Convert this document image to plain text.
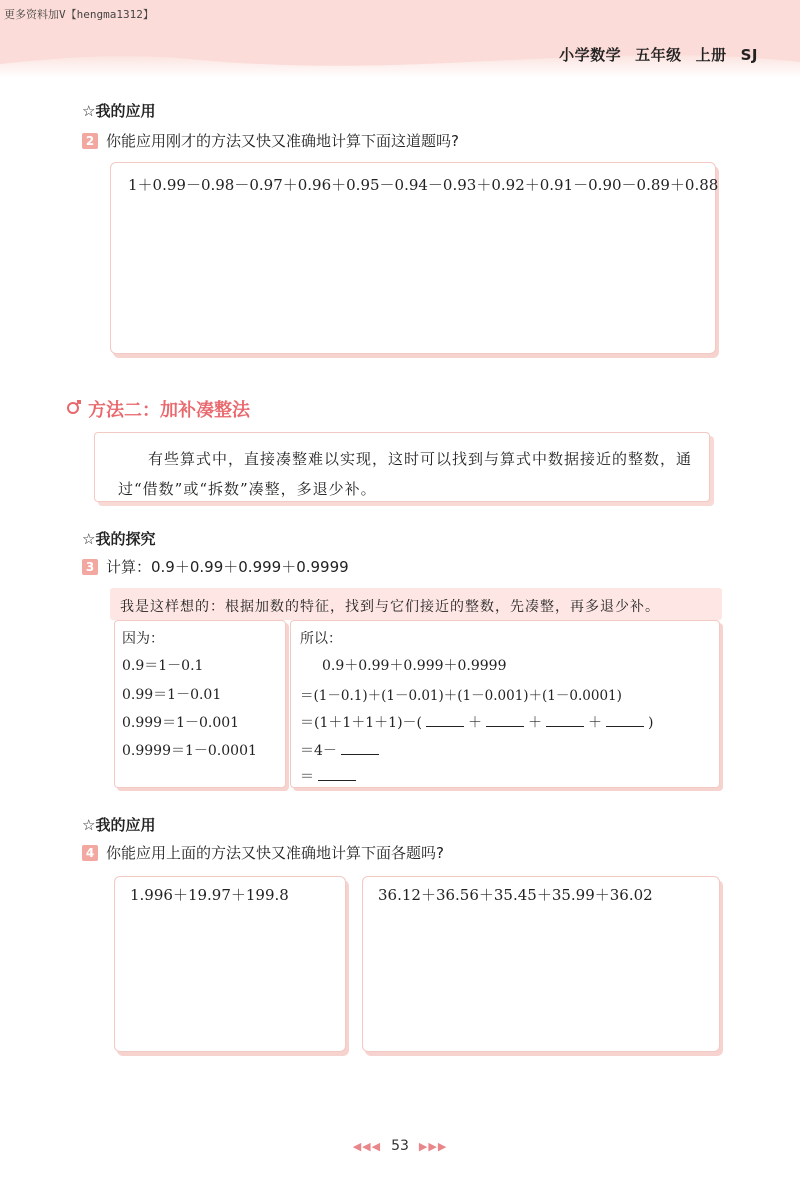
更多资料加V【hengma1312】
小学数学 五年级 上册 SJ
☆我的应用
2 你能应用刚才的方法又快又准确地计算下面这道题吗?
1＋0.99－0.98－0.97＋0.96＋0.95－0.94－0.93＋0.92＋0.91－0.90－0.89＋0.88
方法二：加补凑整法
有些算式中，直接凑整难以实现，这时可以找到与算式中数据接近的整数，通过“借数”或“拆数”凑整，多退少补。
☆我的探究
3 计算：0.9＋0.99＋0.999＋0.9999
我是这样想的：根据加数的特征，找到与它们接近的整数，先凑整，再多退少补。
因为：
0.9＝1－0.1
0.99＝1－0.01
0.999＝1－0.001
0.9999＝1－0.0001
所以：
0.9＋0.99＋0.999＋0.9999
＝(1－0.1)＋(1－0.01)＋(1－0.001)＋(1－0.0001)
＝(1＋1＋1＋1)－(	＋	＋	＋	)
＝4－
＝
☆我的应用
4 你能应用上面的方法又快又准确地计算下面各题吗?
1.996＋19.97＋199.8	36.12＋36.56＋35.45＋35.99＋36.02
◀◀◀ 53 ▶▶▶
